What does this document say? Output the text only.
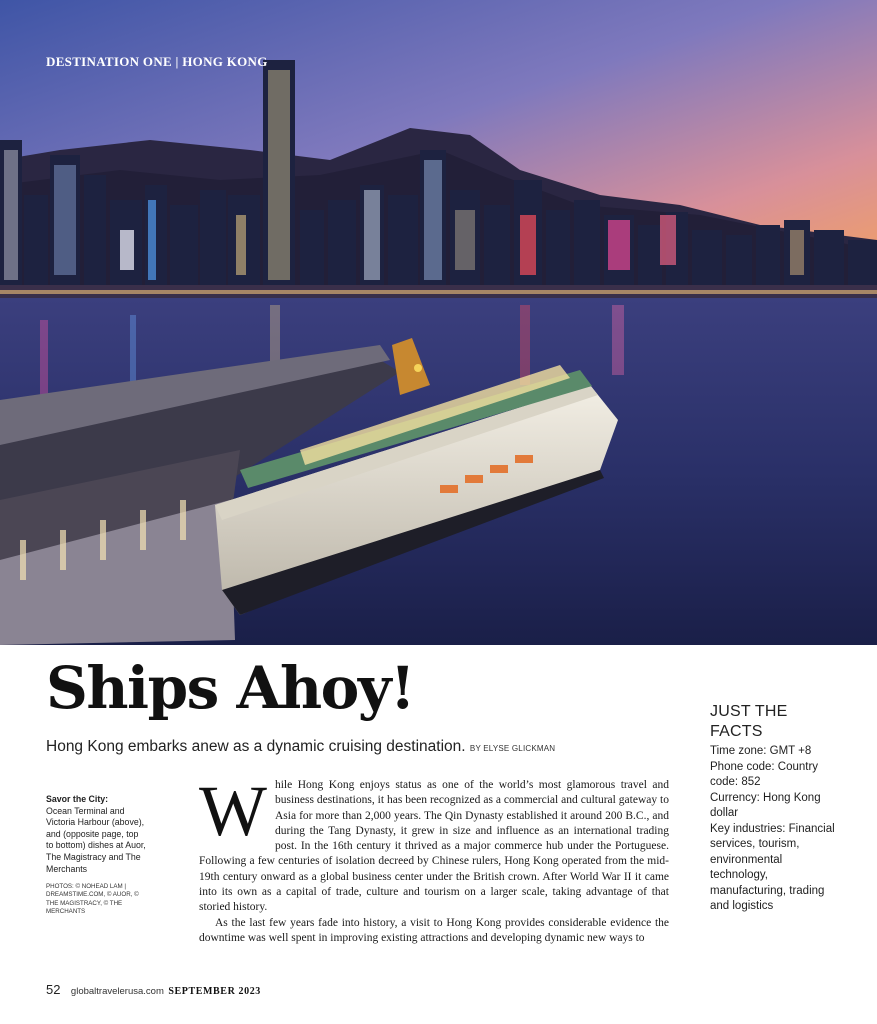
DESTINATION ONE | HONG KONG
Ships Ahoy!
Hong Kong embarks anew as a dynamic cruising destination. BY ELYSE GLICKMAN
Savor the City:
Ocean Terminal and Victoria Harbour (above), and (opposite page, top to bottom) dishes at Auor, The Magistracy and The Merchants
PHOTOS: © NOHEAD LAM | DREAMSTIME.COM, © AUOR, © THE MAGISTRACY, © THE MERCHANTS
W hile Hong Kong enjoys status as one of the world’s most glamorous travel and business destinations, it has been recognized as a commercial and cultural gateway to Asia for more than 2,000 years. The Qin Dynasty established it around 200 B.C., and during the Tang Dynasty, it grew in size and influence as an international trading post. In the 16th century it thrived as a major commerce hub under the Portuguese. Following a few centuries of isolation decreed by Chinese rulers, Hong Kong operated from the mid-19th century onward as a global business center under the British crown. After World War II it came into its own as a capital of trade, culture and tourism on a larger scale, taking advantage of that storied history.

As the last few years fade into history, a visit to Hong Kong provides considerable evidence the downtime was well spent in improving existing attractions and developing dynamic new ways to

JUST THE FACTS
Time zone: GMT +8
Phone code: Country code: 852
Currency: Hong Kong dollar
Key industries: Financial services, tourism, environmental technology, manufacturing, trading and logistics
52 globaltravelerusa.com SEPTEMBER 2023
